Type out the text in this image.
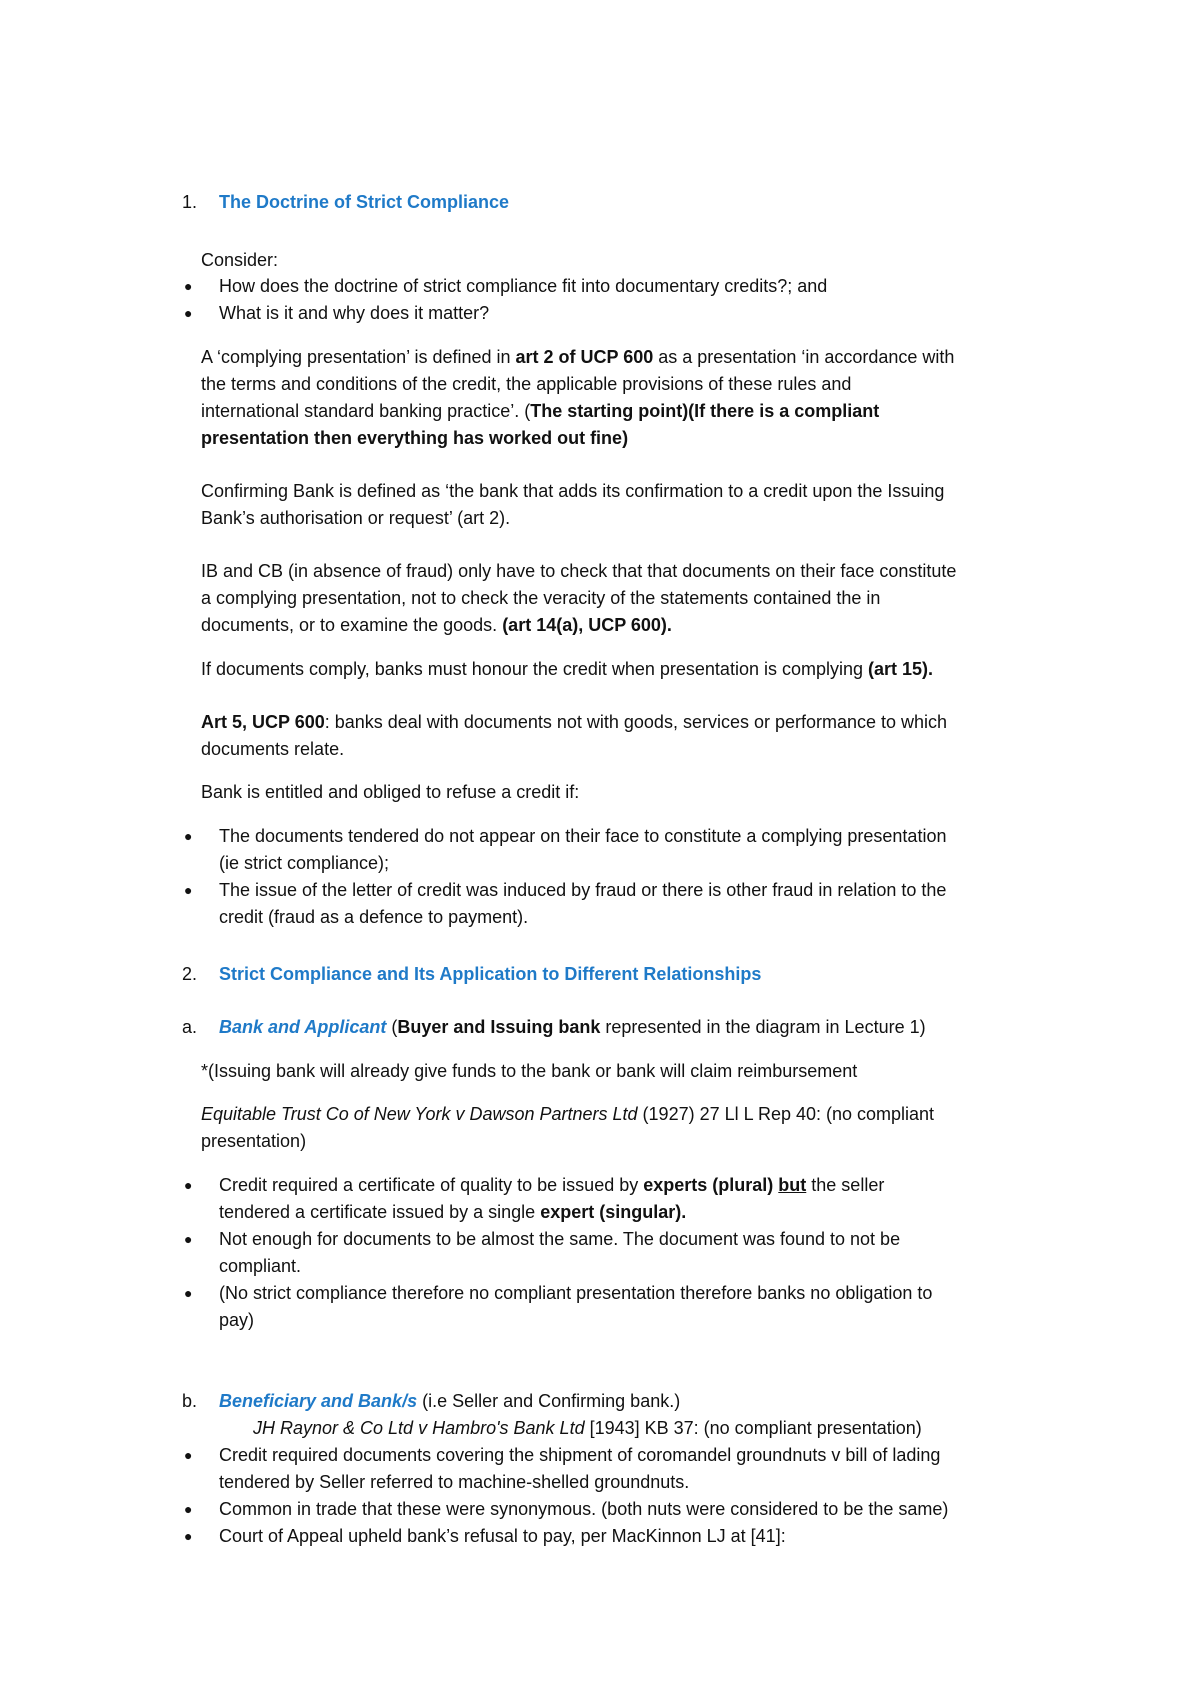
1. The Doctrine of Strict Compliance
Consider:
● How does the doctrine of strict compliance fit into documentary credits?; and
● What is it and why does it matter?
A ‘complying presentation’ is defined in art 2 of UCP 600 as a presentation ‘in accordance with
the terms and conditions of the credit, the applicable provisions of these rules and
international standard banking practice’. (The starting point)(If there is a compliant
presentation then everything has worked out fine)
Confirming Bank is defined as ‘the bank that adds its confirmation to a credit upon the Issuing
Bank’s authorisation or request’ (art 2).
IB and CB (in absence of fraud) only have to check that that documents on their face constitute
a complying presentation, not to check the veracity of the statements contained the in
documents, or to examine the goods. (art 14(a), UCP 600).
If documents comply, banks must honour the credit when presentation is complying (art 15).
Art 5, UCP 600: banks deal with documents not with goods, services or performance to which
documents relate.
Bank is entitled and obliged to refuse a credit if:
● The documents tendered do not appear on their face to constitute a complying presentation
(ie strict compliance);
● The issue of the letter of credit was induced by fraud or there is other fraud in relation to the
credit (fraud as a defence to payment).
2. Strict Compliance and Its Application to Different Relationships
a. Bank and Applicant (Buyer and Issuing bank represented in the diagram in Lecture 1)
*(Issuing bank will already give funds to the bank or bank will claim reimbursement
Equitable Trust Co of New York v Dawson Partners Ltd (1927) 27 Ll L Rep 40: (no compliant
presentation)
● Credit required a certificate of quality to be issued by experts (plural) but the seller
tendered a certificate issued by a single expert (singular).
● Not enough for documents to be almost the same. The document was found to not be
compliant.
● (No strict compliance therefore no compliant presentation therefore banks no obligation to
pay)
b. Beneficiary and Bank/s (i.e Seller and Confirming bank.)
JH Raynor & Co Ltd v Hambro's Bank Ltd [1943] KB 37: (no compliant presentation)
● Credit required documents covering the shipment of coromandel groundnuts v bill of lading
tendered by Seller referred to machine-shelled groundnuts.
● Common in trade that these were synonymous. (both nuts were considered to be the same)
● Court of Appeal upheld bank’s refusal to pay, per MacKinnon LJ at [41]:
